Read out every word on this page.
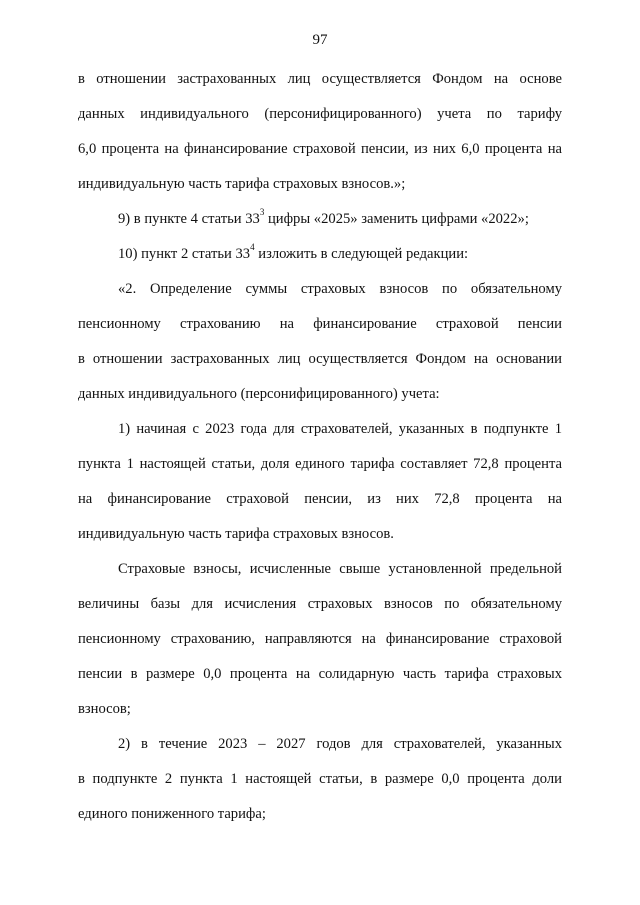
97
в отношении застрахованных лиц осуществляется Фондом на основе
данных индивидуального (персонифицированного) учета по тарифу
6,0 процента на финансирование страховой пенсии, из них 6,0 процента на
индивидуальную часть тарифа страховых взносов.»;
9) в пункте 4 статьи $33^3$ цифры «2025» заменить цифрами «2022»;
10) пункт 2 статьи $33^4$ изложить в следующей редакции:
«2. Определение суммы страховых взносов по обязательному
пенсионному страхованию на финансирование страховой пенсии
в отношении застрахованных лиц осуществляется Фондом на основании
данных индивидуального (персонифицированного) учета:
1) начиная с 2023 года для страхователей, указанных в подпункте 1
пункта 1 настоящей статьи, доля единого тарифа составляет 72,8 процента
на финансирование страховой пенсии, из них 72,8 процента на
индивидуальную часть тарифа страховых взносов.
Страховые взносы, исчисленные свыше установленной предельной
величины базы для исчисления страховых взносов по обязательному
пенсионному страхованию, направляются на финансирование страховой
пенсии в размере 0,0 процента на солидарную часть тарифа страховых
взносов;
2) в течение 2023 – 2027 годов для страхователей, указанных
в подпункте 2 пункта 1 настоящей статьи, в размере 0,0 процента доли
единого пониженного тарифа;
